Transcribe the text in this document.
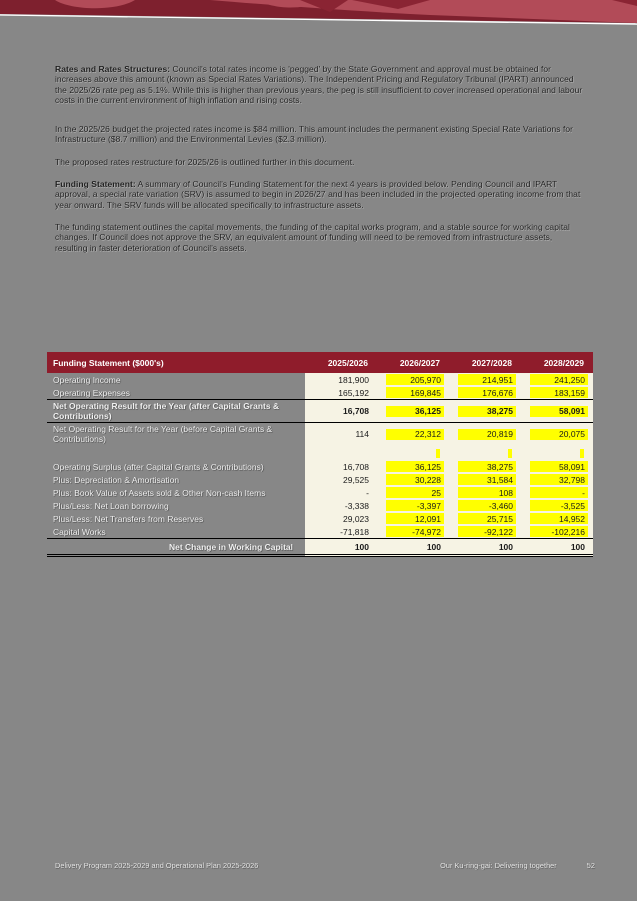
Rates and Rates Structures: Council's total rates income is 'pegged' by the State Government and approval must be obtained for increases above this amount (known as Special Rates Variations). The Independent Pricing and Regulatory Tribunal (IPART) announced the 2025/26 rate peg as 5.1%. While this is higher than previous years, the peg is still insufficient to cover increased operational and labour costs in the current environment of high inflation and rising costs.

In the 2025/26 budget the projected rates income is $84 million. This amount includes the permanent existing Special Rate Variations for Infrastructure ($8.7 million) and the Environmental Levies ($2.3 million).

The proposed rates restructure for 2025/26 is outlined further in this document.

Funding Statement: A summary of Council's Funding Statement for the next 4 years is provided below. Pending Council and IPART approval, a special rate variation (SRV) is assumed to begin in 2026/27 and has been included in the projected operating income from that year onward. The SRV funds will be allocated specifically to infrastructure assets.

The funding statement outlines the capital movements, the funding of the capital works program, and a stable source for working capital changes. If Council does not approve the SRV, an equivalent amount of funding will need to be removed from infrastructure assets, resulting in faster deterioration of Council's assets.

Funding Statement ($000's)	2025/2026	2026/2027	2027/2028	2028/2029
Operating Income	181,900	205,970	214,951	241,250
Operating Expenses	165,192	169,845	176,676	183,159
Net Operating Result for the Year (after Capital Grants & Contributions)	16,708	36,125	38,275	58,091
Net Operating Result for the Year (before Capital Grants & Contributions)	114	22,312	20,819	20,075

Operating Surplus (after Capital Grants & Contributions)	16,708	36,125	38,275	58,091
Plus: Depreciation & Amortisation	29,525	30,228	31,584	32,798
Plus: Book Value of Assets sold & Other Non-cash Items	-	25	108	-
Plus/Less: Net Loan borrowing	-3,338	-3,397	-3,460	-3,525
Plus/Less: Net Transfers from Reserves	29,023	12,091	25,715	14,952
Capital Works	-71,818	-74,972	-92,122	-102,216
Net Change in Working Capital	100	100	100	100
Delivery Program 2025-2029 and Operational Plan 2025-2026	Our Ku-ring-gai: Delivering together	52
